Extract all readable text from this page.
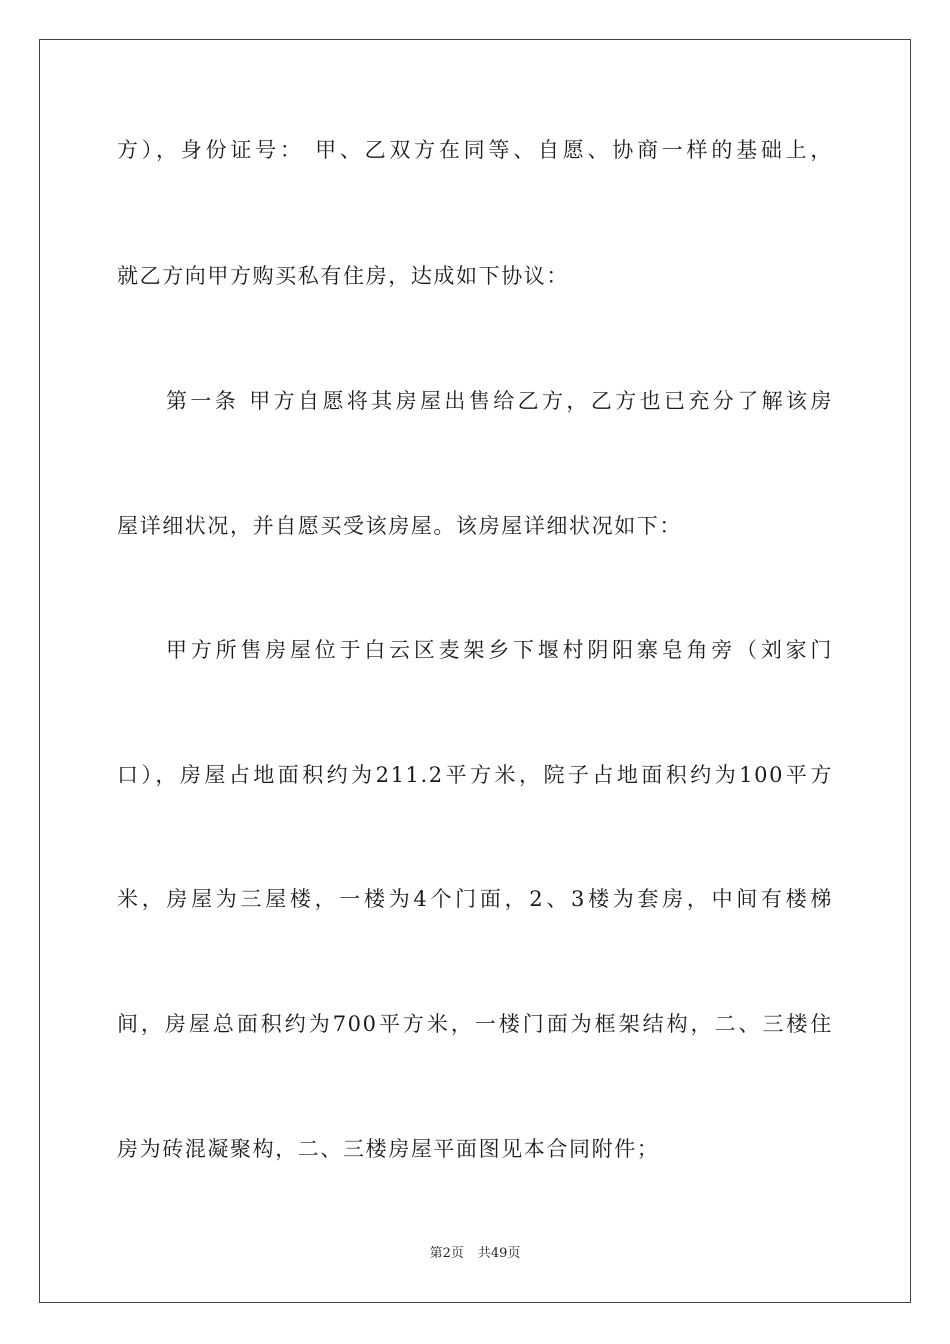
方），身份证号： 甲、乙双方在同等、自愿、协商一样的基础上，
就乙方向甲方购买私有住房，达成如下协议：
第一条 甲方自愿将其房屋出售给乙方，乙方也已充分了解该房
屋详细状况，并自愿买受该房屋。该房屋详细状况如下：
甲方所售房屋位于白云区麦架乡下堰村阴阳寨皂角旁（刘家门
口），房屋占地面积约为211.2平方米，院子占地面积约为100平方
米，房屋为三屋楼，一楼为4个门面，2、3楼为套房，中间有楼梯
间，房屋总面积约为700平方米，一楼门面为框架结构，二、三楼住
房为砖混凝聚构，二、三楼房屋平面图见本合同附件；
第2页 共49页
